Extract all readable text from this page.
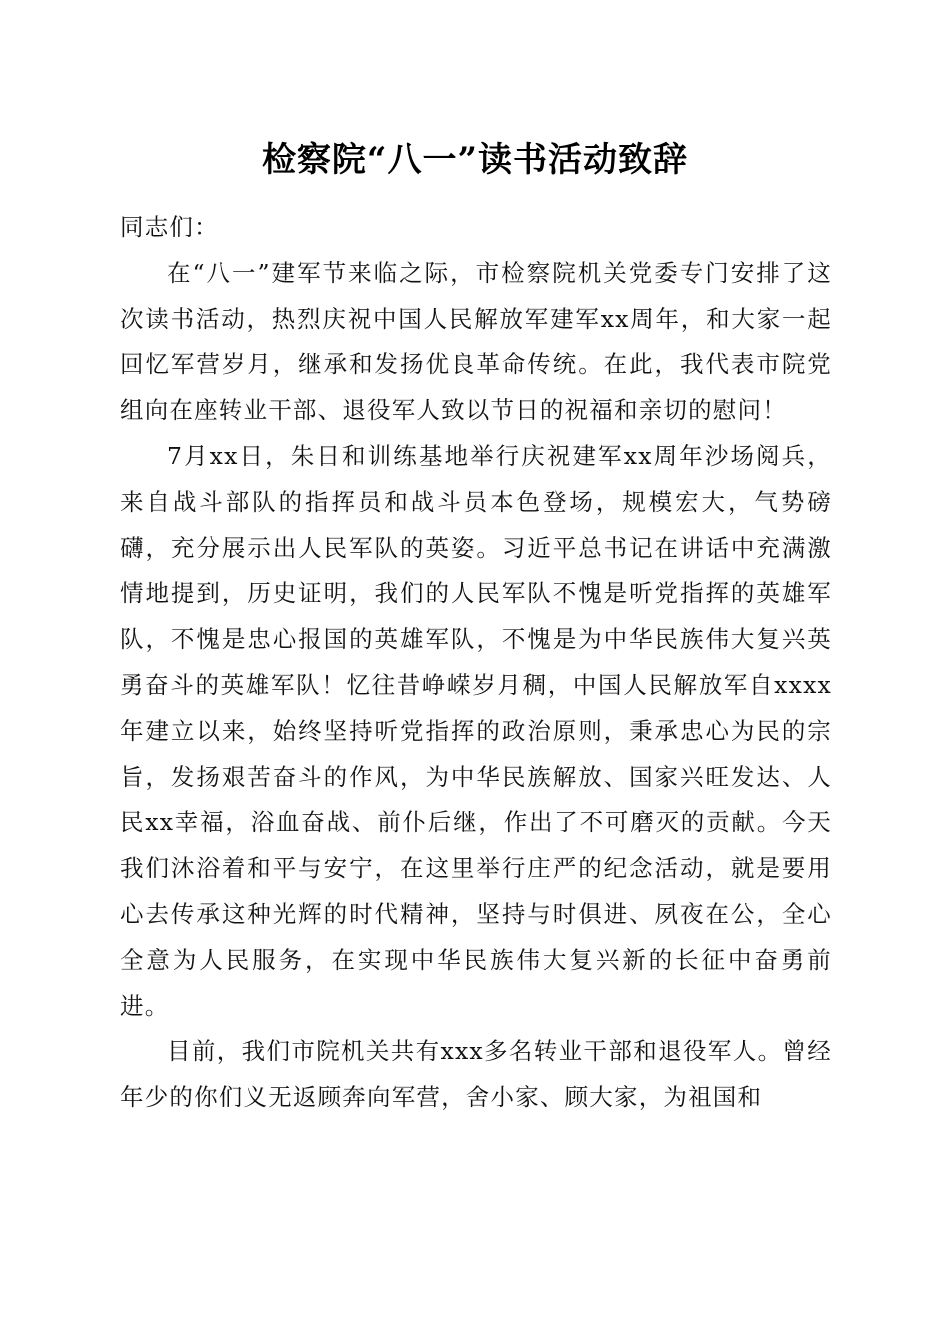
检察院“八一”读书活动致辞

同志们：

在“八一”建军节来临之际，市检察院机关党委专门安排了这次读书活动，热烈庆祝中国人民解放军建军xx周年，和大家一起回忆军营岁月，继承和发扬优良革命传统。在此，我代表市院党组向在座转业干部、退役军人致以节日的祝福和亲切的慰问！

7月xx日，朱日和训练基地举行庆祝建军xx周年沙场阅兵，来自战斗部队的指挥员和战斗员本色登场，规模宏大，气势磅礴，充分展示出人民军队的英姿。习近平总书记在讲话中充满激情地提到，历史证明，我们的人民军队不愧是听党指挥的英雄军队，不愧是忠心报国的英雄军队，不愧是为中华民族伟大复兴英勇奋斗的英雄军队！忆往昔峥嵘岁月稠，中国人民解放军自xxxx年建立以来，始终坚持听党指挥的政治原则，秉承忠心为民的宗旨，发扬艰苦奋斗的作风，为中华民族解放、国家兴旺发达、人民xx幸福，浴血奋战、前仆后继，作出了不可磨灭的贡献。今天我们沐浴着和平与安宁，在这里举行庄严的纪念活动，就是要用心去传承这种光辉的时代精神，坚持与时俱进、夙夜在公，全心全意为人民服务，在实现中华民族伟大复兴新的长征中奋勇前进。

目前，我们市院机关共有xxx多名转业干部和退役军人。曾经年少的你们义无返顾奔向军营，舍小家、顾大家，为祖国和
